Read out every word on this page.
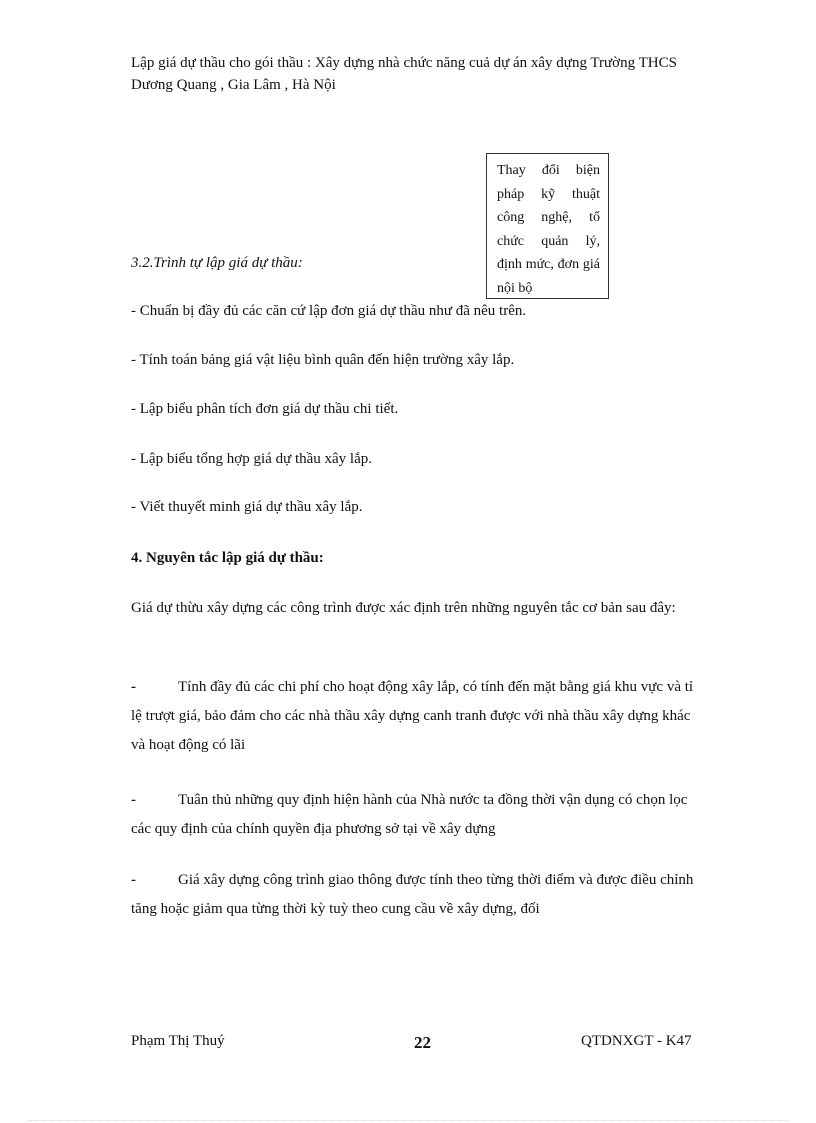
Lập giá dự thầu cho gói thầu : Xây dựng nhà chức năng cuả dự án xây dựng Trường THCS Dương Quang , Gia Lâm , Hà Nội
Thay đổi biện pháp kỹ thuật công nghệ, tổ chức quản lý, định mức, đơn giá nội bộ
3.2.Trình tự lập giá dự thầu:
- Chuẩn bị đầy đủ các căn cứ lập đơn giá dự thầu như đã nêu trên.
- Tính toán bảng giá vật liệu bình quân đến hiện trường xây lắp.
- Lập biểu phân tích đơn giá dự thầu chi tiết.
- Lập biểu tổng hợp giá dự thầu xây lắp.
- Viết thuyết minh giá dự thầu xây lắp.
4. Nguyên tắc lập giá dự thầu:
Giá dự thừu xây dựng các công trình được xác định trên những nguyên tắc cơ bản sau đây:
-	Tính đầy đủ các chi phí cho hoạt động xây lắp, có tính đến mặt bằng giá khu vực và tỉ lệ trượt giá, bảo đảm cho các nhà thầu xây dựng canh tranh được với nhà thầu xây dựng khác và hoạt động có lãi
-	Tuân thủ những quy định hiện hành của Nhà nước ta đồng thời vận dụng có chọn lọc các quy định của chính quyền địa phương sở tại về xây dựng
-	Giá xây dựng công trình giao thông được tính theo từng thời điểm và được điều chỉnh tăng hoặc giảm qua từng thời kỳ tuỳ theo cung cầu về xây dựng, đối
Phạm Thị Thuý	22	QTDNXGT - K47
